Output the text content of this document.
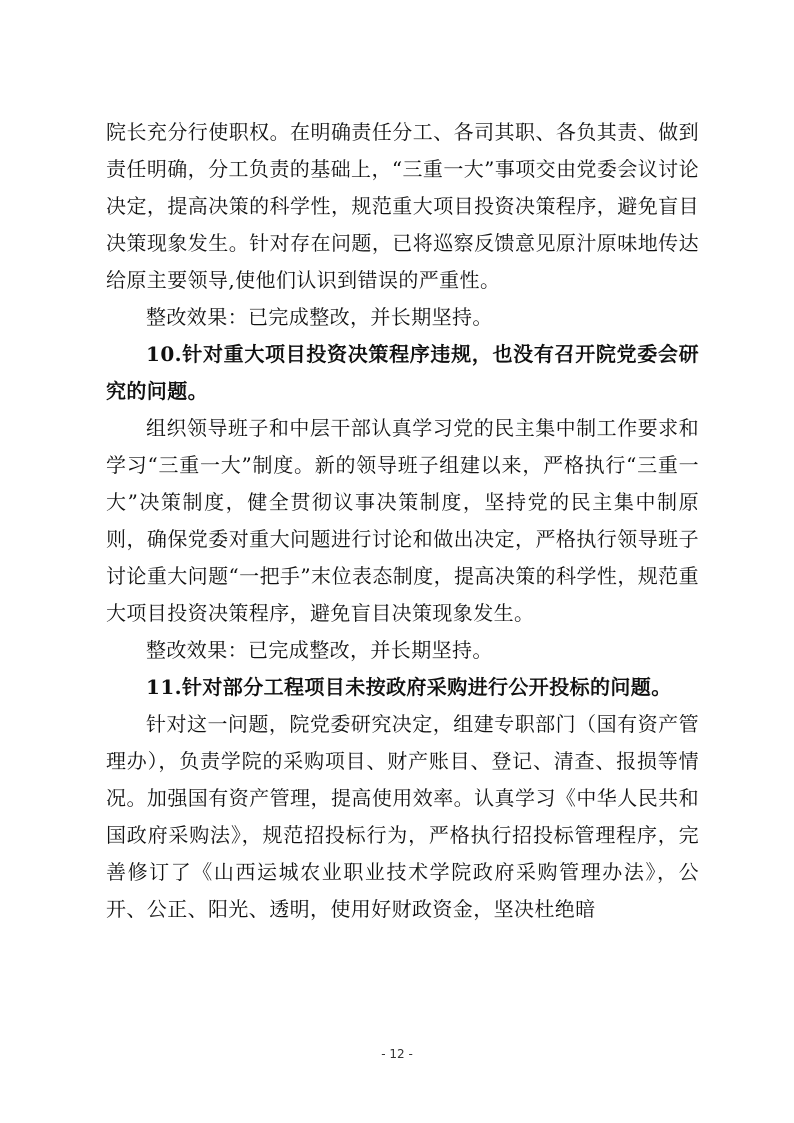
院长充分行使职权。在明确责任分工、各司其职、各负其责、做到责任明确，分工负责的基础上，“三重一大”事项交由党委会议讨论决定，提高决策的科学性，规范重大项目投资决策程序，避免盲目决策现象发生。针对存在问题，已将巡察反馈意见原汁原味地传达给原主要领导,使他们认识到错误的严重性。

整改效果：已完成整改，并长期坚持。

10.针对重大项目投资决策程序违规，也没有召开院党委会研究的问题。

组织领导班子和中层干部认真学习党的民主集中制工作要求和学习“三重一大”制度。新的领导班子组建以来，严格执行“三重一大”决策制度，健全贯彻议事决策制度，坚持党的民主集中制原则，确保党委对重大问题进行讨论和做出决定，严格执行领导班子讨论重大问题“一把手”末位表态制度，提高决策的科学性，规范重大项目投资决策程序，避免盲目决策现象发生。

整改效果：已完成整改，并长期坚持。

11.针对部分工程项目未按政府采购进行公开投标的问题。

针对这一问题，院党委研究决定，组建专职部门（国有资产管理办），负责学院的采购项目、财产账目、登记、清查、报损等情况。加强国有资产管理，提高使用效率。认真学习《中华人民共和国政府采购法》，规范招投标行为，严格执行招投标管理程序，完善修订了《山西运城农业职业技术学院政府采购管理办法》，公开、公正、阳光、透明，使用好财政资金，坚决杜绝暗

- 12 -
